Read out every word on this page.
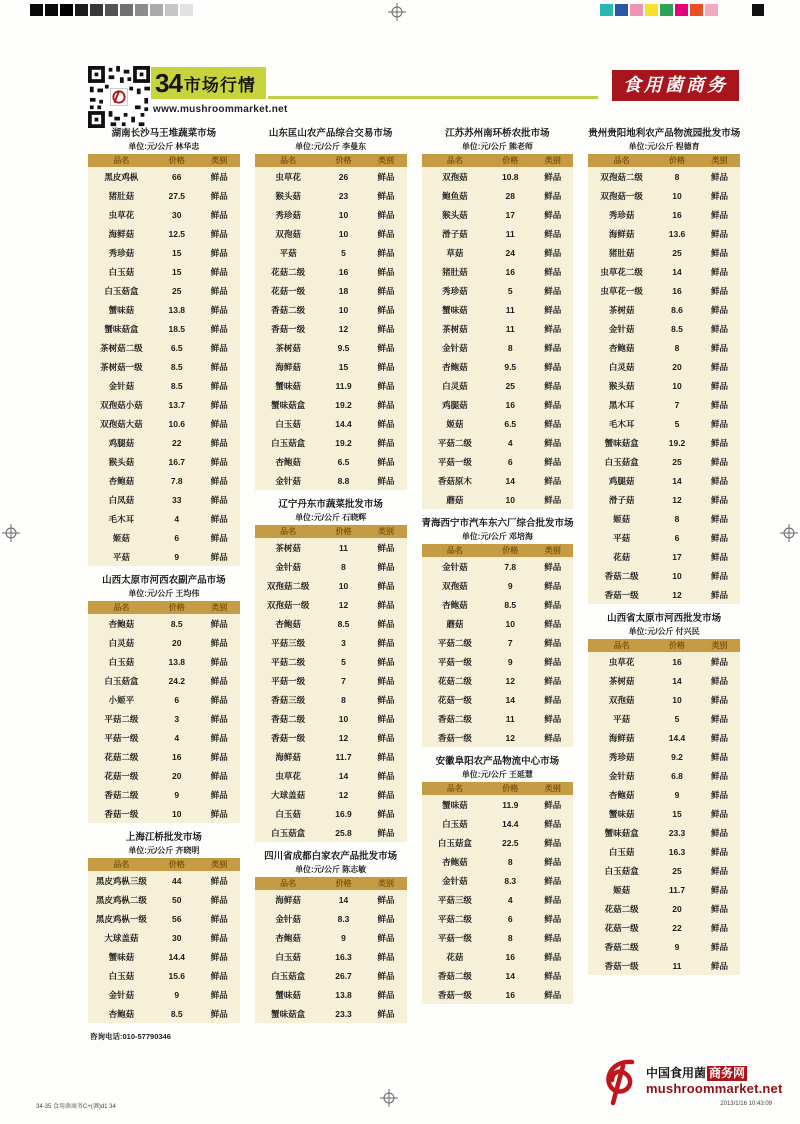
34 市场行情
www.mushroommarket.net
食用菌商务
湖南长沙马王堆蔬菜市场
单位:元/公斤 林华忠
品名	价格	类别
黑皮鸡枞	66	鲜品
猪肚菇	27.5	鲜品
虫草花	30	鲜品
海鲜菇	12.5	鲜品
秀珍菇	15	鲜品
白玉菇	15	鲜品
白玉菇盒	25	鲜品
蟹味菇	13.8	鲜品
蟹味菇盒	18.5	鲜品
茶树菇二级	6.5	鲜品
茶树菇一级	8.5	鲜品
金针菇	8.5	鲜品
双孢菇小菇	13.7	鲜品
双孢菇大菇	10.6	鲜品
鸡腿菇	22	鲜品
猴头菇	16.7	鲜品
杏鲍菇	7.8	鲜品
白凤菇	33	鲜品
毛木耳	4	鲜品
姬菇	6	鲜品
平菇	9	鲜品
山西太原市河西农副产品市场
单位:元/公斤 王均伟
品名	价格	类别
杏鲍菇	8.5	鲜品
白灵菇	20	鲜品
白玉菇	13.8	鲜品
白玉菇盒	24.2	鲜品
小姬平	6	鲜品
平菇二级	3	鲜品
平菇一级	4	鲜品
花菇二级	16	鲜品
花菇一级	20	鲜品
香菇二级	9	鲜品
香菇一级	10	鲜品
上海江桥批发市场
单位:元/公斤 齐晓明
品名	价格	类别
黑皮鸡枞三级	44	鲜品
黑皮鸡枞二级	50	鲜品
黑皮鸡枞一级	56	鲜品
大球盖菇	30	鲜品
蟹味菇	14.4	鲜品
白玉菇	15.6	鲜品
金针菇	9	鲜品
杏鲍菇	8.5	鲜品
山东匡山农产品综合交易市场
单位:元/公斤 李曼东
品名	价格	类别
虫草花	26	鲜品
猴头菇	23	鲜品
秀珍菇	10	鲜品
双孢菇	10	鲜品
平菇	5	鲜品
花菇二级	16	鲜品
花菇一级	18	鲜品
香菇二级	10	鲜品
香菇一级	12	鲜品
茶树菇	9.5	鲜品
海鲜菇	15	鲜品
蟹味菇	11.9	鲜品
蟹味菇盒	19.2	鲜品
白玉菇	14.4	鲜品
白玉菇盒	19.2	鲜品
杏鲍菇	6.5	鲜品
金针菇	8.8	鲜品
辽宁丹东市蔬菜批发市场
单位:元/公斤 石晓辉
品名	价格	类别
茶树菇	11	鲜品
金针菇	8	鲜品
双孢菇二级	10	鲜品
双孢菇一级	12	鲜品
杏鲍菇	8.5	鲜品
平菇三级	3	鲜品
平菇二级	5	鲜品
平菇一级	7	鲜品
香菇三级	8	鲜品
香菇二级	10	鲜品
香菇一级	12	鲜品
海鲜菇	11.7	鲜品
虫草花	14	鲜品
大球盖菇	12	鲜品
白玉菇	16.9	鲜品
白玉菇盒	25.8	鲜品
四川省成都白家农产品批发市场
单位:元/公斤 陈志敏
品名	价格	类别
海鲜菇	14	鲜品
金针菇	8.3	鲜品
杏鲍菇	9	鲜品
白玉菇	16.3	鲜品
白玉菇盒	26.7	鲜品
蟹味菇	13.8	鲜品
蟹味菇盒	23.3	鲜品
江苏苏州南环桥农批市场
单位:元/公斤 熊老师
品名	价格	类别
双孢菇	10.8	鲜品
鲍鱼菇	28	鲜品
猴头菇	17	鲜品
滑子菇	11	鲜品
草菇	24	鲜品
猪肚菇	16	鲜品
秀珍菇	5	鲜品
蟹味菇	11	鲜品
茶树菇	11	鲜品
金针菇	8	鲜品
杏鲍菇	9.5	鲜品
白灵菇	25	鲜品
鸡腿菇	16	鲜品
姬菇	6.5	鲜品
平菇二级	4	鲜品
平菇一级	6	鲜品
香菇原木	14	鲜品
蘑菇	10	鲜品
青海西宁市汽车东六厂综合批发市场
单位:元/公斤 邓培海
品名	价格	类别
金针菇	7.8	鲜品
双孢菇	9	鲜品
杏鲍菇	8.5	鲜品
蘑菇	10	鲜品
平菇二级	7	鲜品
平菇一级	9	鲜品
花菇二级	12	鲜品
花菇一级	14	鲜品
香菇二级	11	鲜品
香菇一级	12	鲜品
安徽阜阳农产品物流中心市场
单位:元/公斤 王延慧
品名	价格	类别
蟹味菇	11.9	鲜品
白玉菇	14.4	鲜品
白玉菇盒	22.5	鲜品
杏鲍菇	8	鲜品
金针菇	8.3	鲜品
平菇三级	4	鲜品
平菇二级	6	鲜品
平菇一级	8	鲜品
花菇	16	鲜品
香菇二级	14	鲜品
香菇一级	16	鲜品
贵州贵阳地利农产品物流园批发市场
单位:元/公斤 程德育
品名	价格	类别
双孢菇二级	8	鲜品
双孢菇一级	10	鲜品
秀珍菇	16	鲜品
海鲜菇	13.6	鲜品
猪肚菇	25	鲜品
虫草花二级	14	鲜品
虫草花一级	16	鲜品
茶树菇	8.6	鲜品
金针菇	8.5	鲜品
杏鲍菇	8	鲜品
白灵菇	20	鲜品
猴头菇	10	鲜品
黑木耳	7	鲜品
毛木耳	5	鲜品
蟹味菇盒	19.2	鲜品
白玉菇盒	25	鲜品
鸡腿菇	14	鲜品
滑子菇	12	鲜品
姬菇	8	鲜品
平菇	6	鲜品
花菇	17	鲜品
香菇二级	10	鲜品
香菇一级	12	鲜品
山西省太原市河西批发市场
单位:元/公斤 付兴民
品名	价格	类别
虫草花	16	鲜品
茶树菇	14	鲜品
双孢菇	10	鲜品
平菇	5	鲜品
海鲜菇	14.4	鲜品
秀珍菇	9.2	鲜品
金针菇	6.8	鲜品
杏鲍菇	9	鲜品
蟹味菇	15	鲜品
蟹味菇盒	23.3	鲜品
白玉菇	16.3	鲜品
白玉菇盒	25	鲜品
姬菇	11.7	鲜品
花菇二级	20	鲜品
花菇一级	22	鲜品
香菇二级	9	鲜品
香菇一级	11	鲜品
咨询电话:010-57790346
中国食用菌 商务网
mushroommarket.net
34-35 食用菌商务C+(调)d1 34	2013/1/16 10:43:09
